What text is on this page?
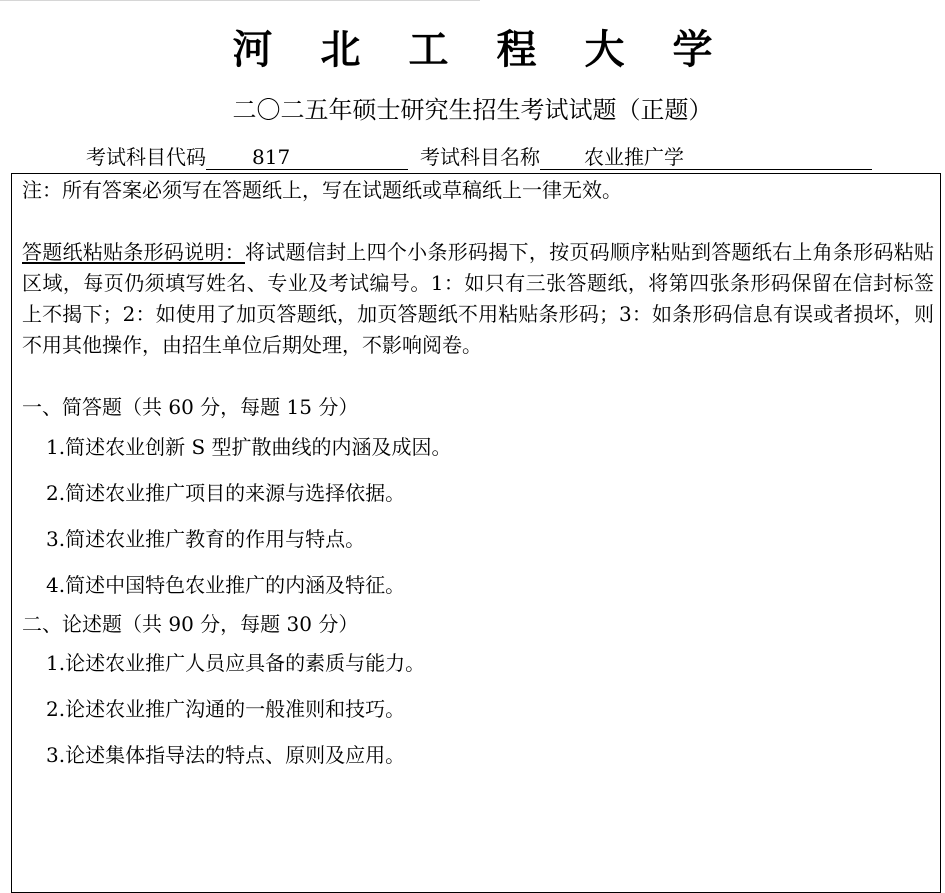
河北工程大学
二〇二五年硕士研究生招生考试试题（正题）
考试科目代码 817	考试科目名称 农业推广学

注：所有答案必须写在答题纸上，写在试题纸或草稿纸上一律无效。

答题纸粘贴条形码说明：将试题信封上四个小条形码揭下，按页码顺序粘贴到答题纸右上角条形码粘贴区域，每页仍须填写姓名、专业及考试编号。1：如只有三张答题纸，将第四张条形码保留在信封标签上不揭下；2：如使用了加页答题纸，加页答题纸不用粘贴条形码；3：如条形码信息有误或者损坏，则不用其他操作，由招生单位后期处理，不影响阅卷。

一、简答题（共 60 分，每题 15 分）

1.简述农业创新 S 型扩散曲线的内涵及成因。

2.简述农业推广项目的来源与选择依据。

3.简述农业推广教育的作用与特点。

4.简述中国特色农业推广的内涵及特征。

二、论述题（共 90 分，每题 30 分）

1.论述农业推广人员应具备的素质与能力。

2.论述农业推广沟通的一般准则和技巧。

3.论述集体指导法的特点、原则及应用。
